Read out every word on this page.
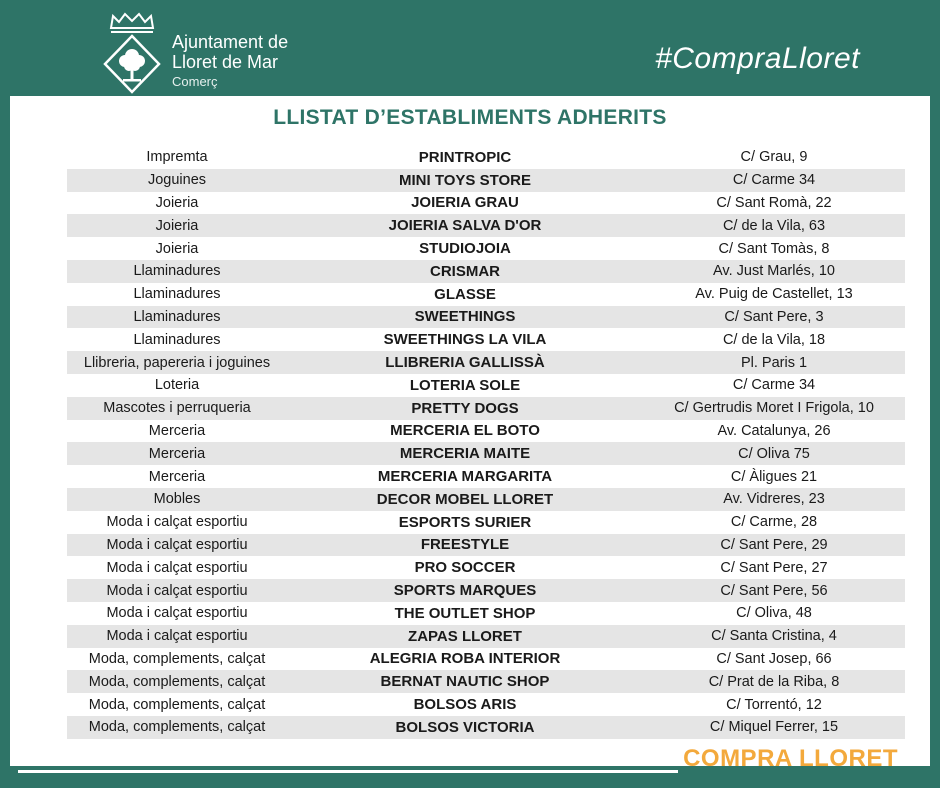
Ajuntament de
Lloret de Mar
Comerç
#CompraLloret
LLISTAT D’ESTABLIMENTS ADHERITS
Impremta	PRINTROPIC	C/ Grau, 9
Joguines	MINI TOYS STORE	C/ Carme 34
Joieria	JOIERIA GRAU	C/ Sant Romà, 22
Joieria	JOIERIA SALVA D'OR	C/ de la Vila, 63
Joieria	STUDIOJOIA	C/ Sant Tomàs, 8
Llaminadures	CRISMAR	Av. Just Marlés, 10
Llaminadures	GLASSE	Av. Puig de Castellet, 13
Llaminadures	SWEETHINGS	C/ Sant Pere, 3
Llaminadures	SWEETHINGS LA VILA	C/ de la Vila, 18
Llibreria, papereria i joguines	LLIBRERIA GALLISSÀ	Pl. Paris 1
Loteria	LOTERIA SOLE	C/ Carme 34
Mascotes i perruqueria	PRETTY DOGS	C/ Gertrudis Moret I Frigola, 10
Merceria	MERCERIA EL BOTO	Av. Catalunya, 26
Merceria	MERCERIA MAITE	C/ Oliva 75
Merceria	MERCERIA MARGARITA	C/ Àligues 21
Mobles	DECOR MOBEL LLORET	Av. Vidreres, 23
Moda i calçat esportiu	ESPORTS SURIER	C/ Carme, 28
Moda i calçat esportiu	FREESTYLE	C/ Sant Pere, 29
Moda i calçat esportiu	PRO SOCCER	C/ Sant Pere, 27
Moda i calçat esportiu	SPORTS MARQUES	C/ Sant Pere, 56
Moda i calçat esportiu	THE OUTLET SHOP	C/ Oliva, 48
Moda i calçat esportiu	ZAPAS LLORET	C/ Santa Cristina, 4
Moda, complements, calçat	ALEGRIA ROBA INTERIOR	C/ Sant Josep, 66
Moda, complements, calçat	BERNAT NAUTIC SHOP	C/ Prat de la Riba, 8
Moda, complements, calçat	BOLSOS ARIS	C/ Torrentó, 12
Moda, complements, calçat	BOLSOS VICTORIA	C/ Miquel Ferrer, 15
COMPRA LLORET
